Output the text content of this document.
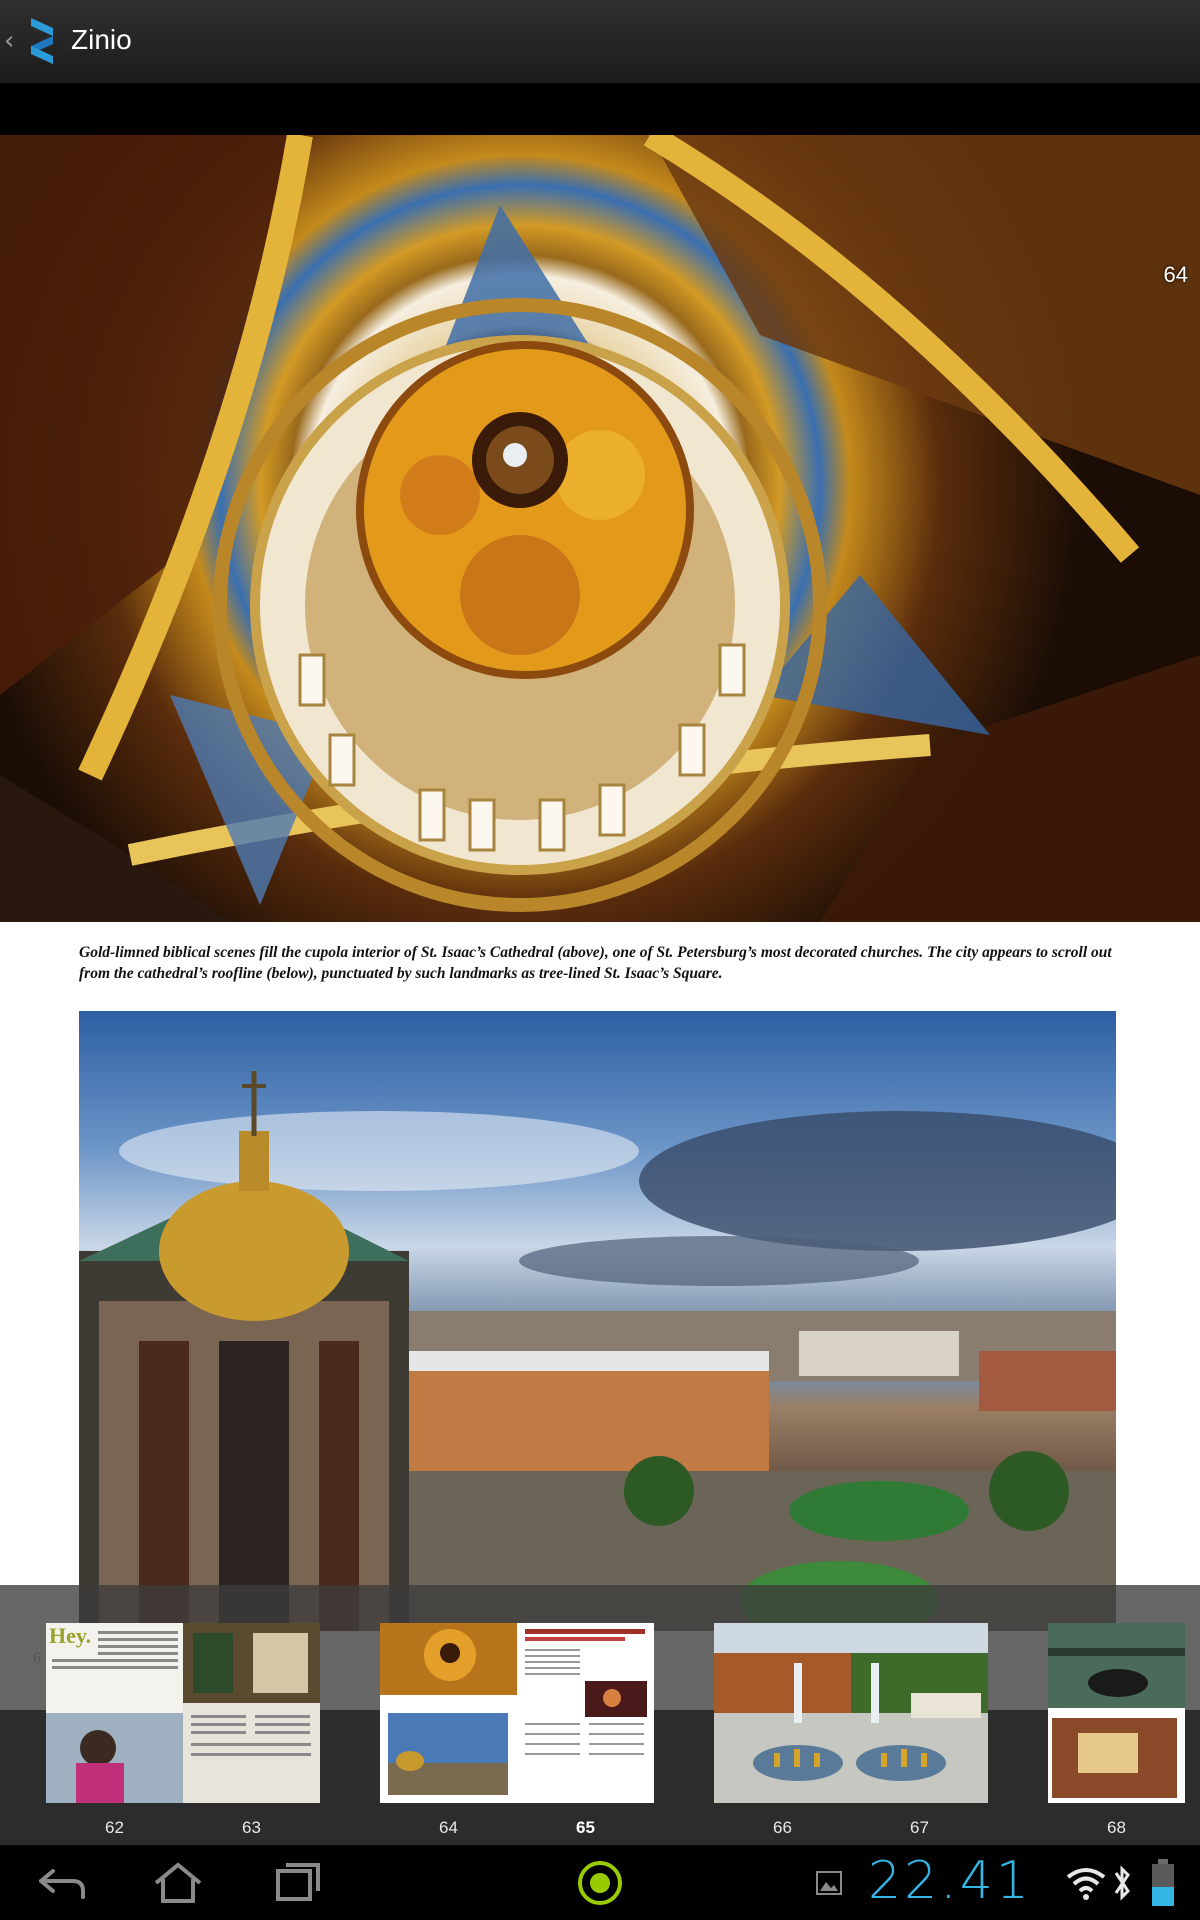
‹ Zinio
64
Gold-limned biblical scenes fill the cupola interior of St. Isaac’s Cathedral (above), one of St. Petersburg’s most decorated churches. The city appears to scroll out from the cathedral’s roofline (below), punctuated by such landmarks as tree-lined St. Isaac’s Square.
6
Hey.
62	63	64	65	66	67	68
22.41
